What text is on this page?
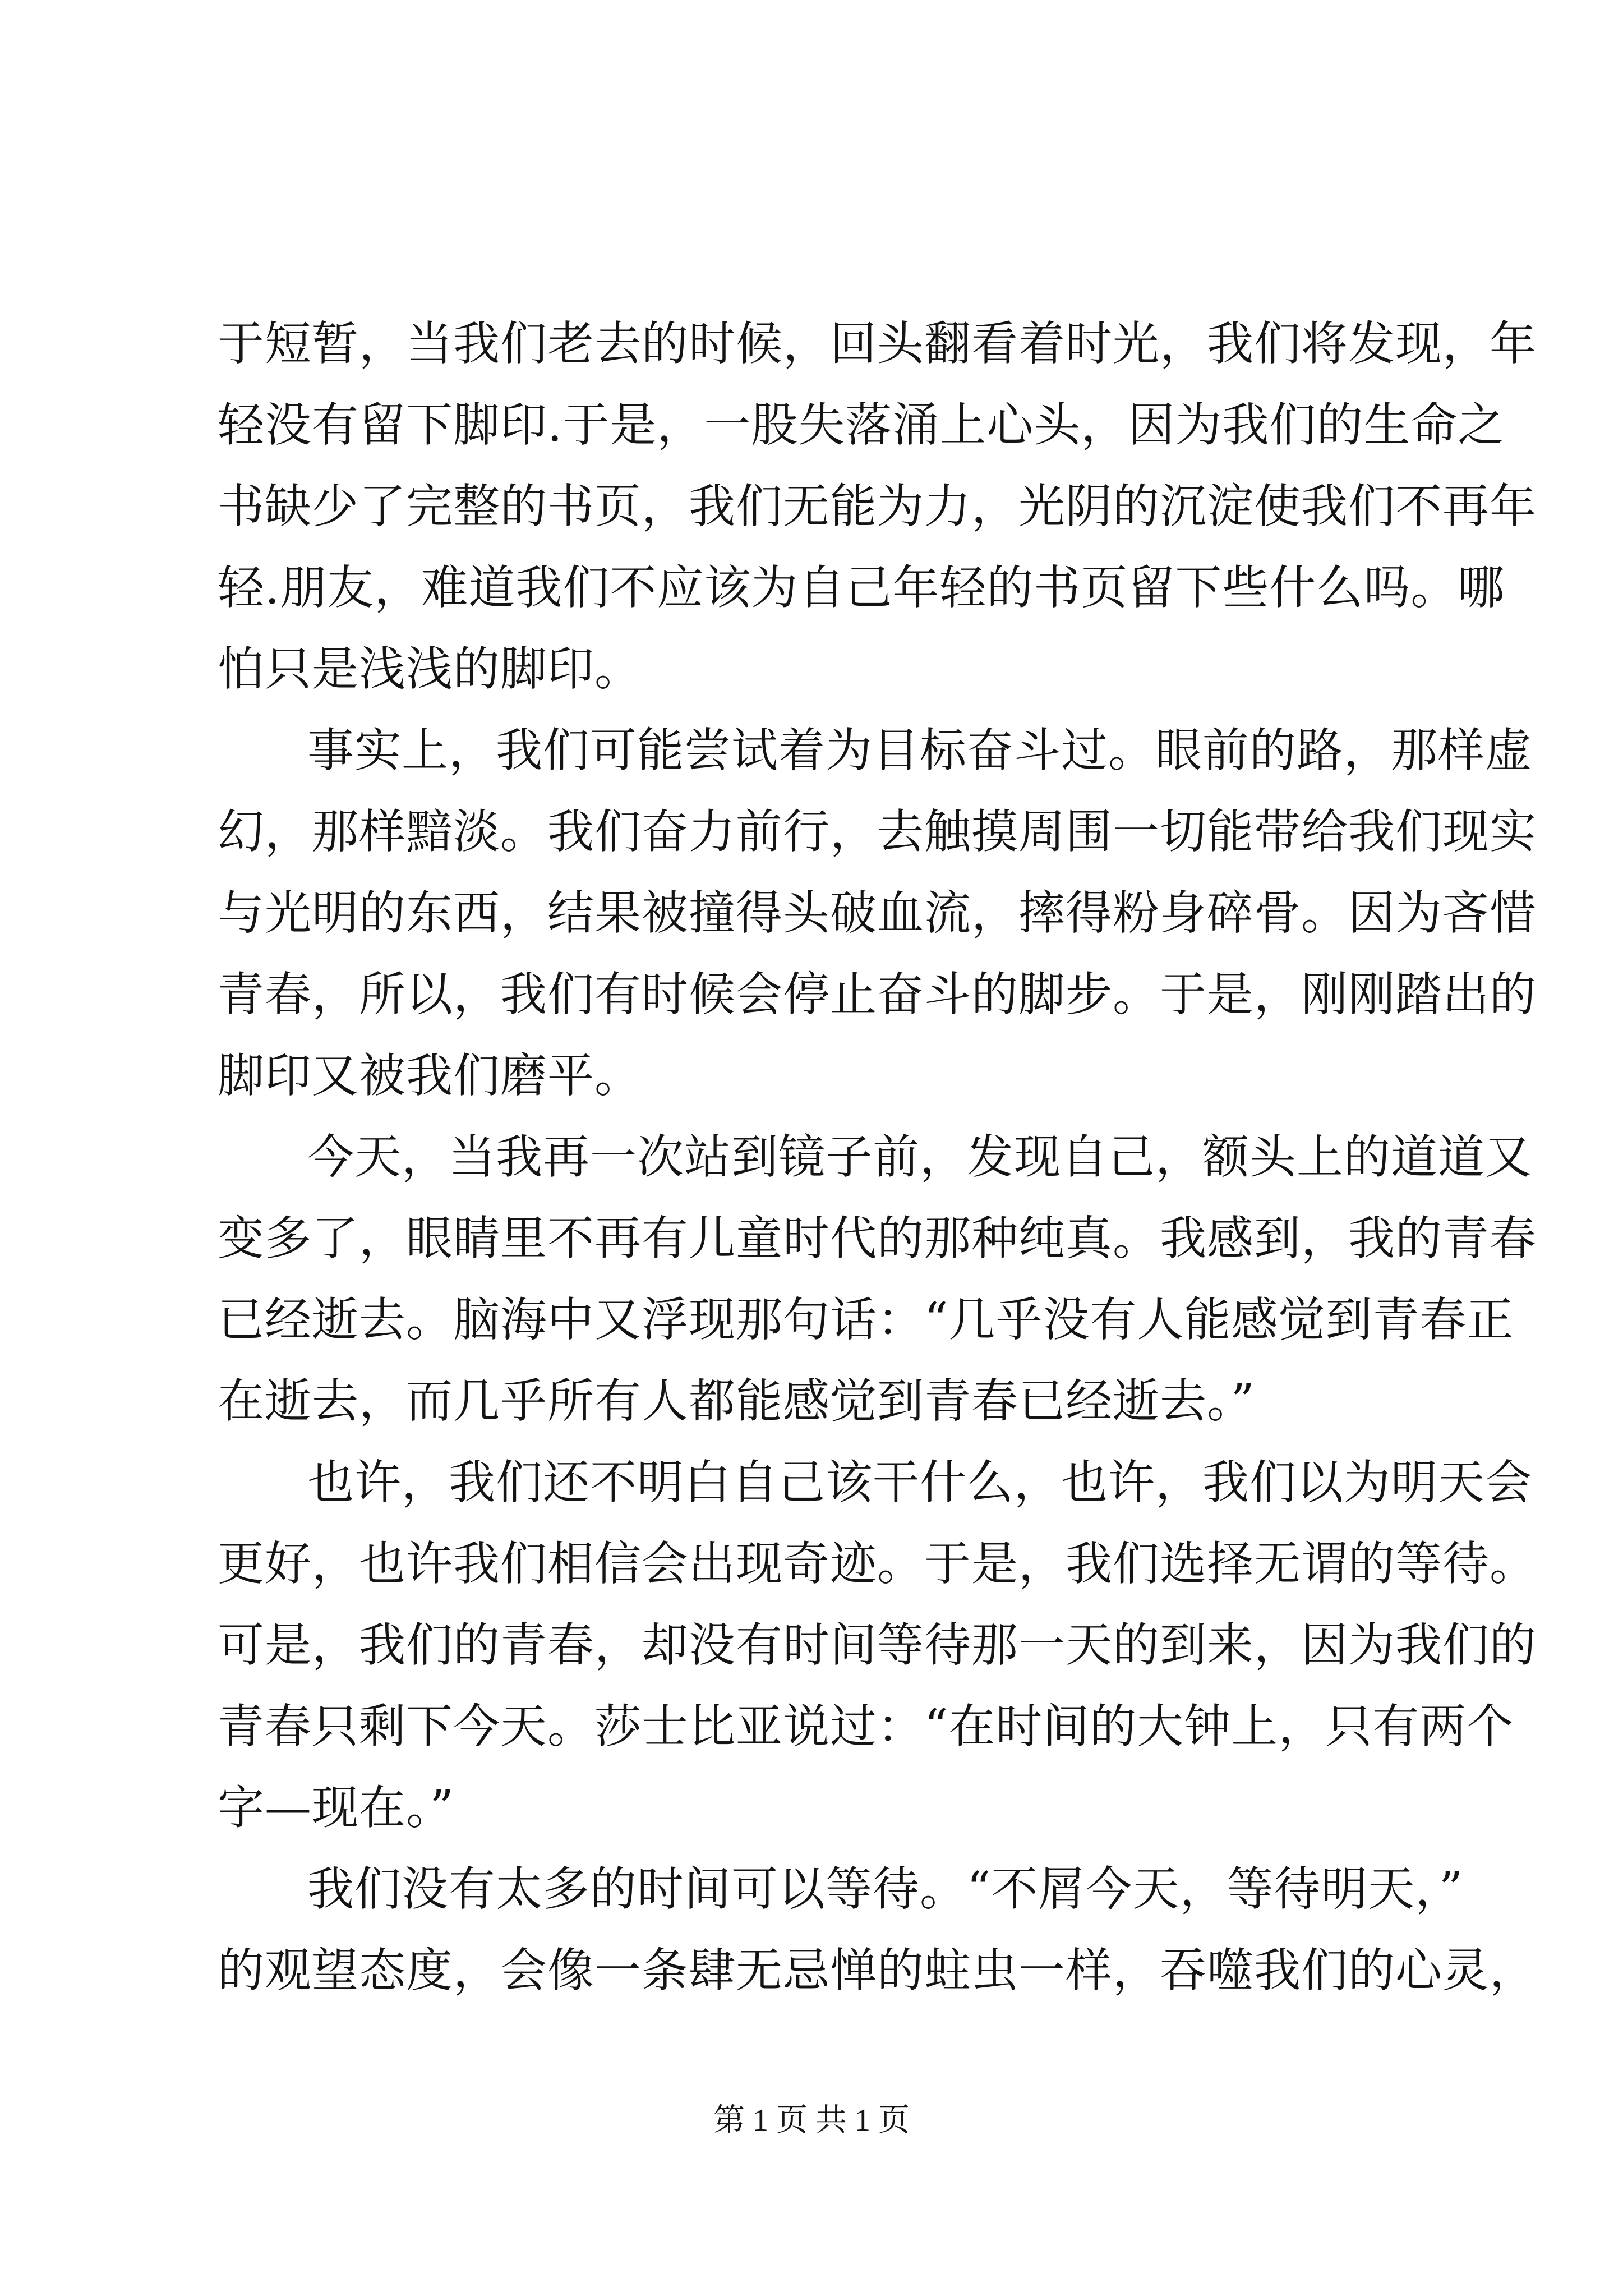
于短暂，当我们老去的时候，回头翻看着时光，我们将发现，年
轻没有留下脚印.于是，一股失落涌上心头，因为我们的生命之
书缺少了完整的书页，我们无能为力，光阴的沉淀使我们不再年
轻.朋友，难道我们不应该为自己年轻的书页留下些什么吗。哪
怕只是浅浅的脚印。
事实上，我们可能尝试着为目标奋斗过。眼前的路，那样虚
幻，那样黯淡。我们奋力前行，去触摸周围一切能带给我们现实
与光明的东西，结果被撞得头破血流，摔得粉身碎骨。因为吝惜
青春，所以，我们有时候会停止奋斗的脚步。于是，刚刚踏出的
脚印又被我们磨平。
今天，当我再一次站到镜子前，发现自己，额头上的道道又
变多了，眼睛里不再有儿童时代的那种纯真。我感到，我的青春
已经逝去。脑海中又浮现那句话：“几乎没有人能感觉到青春正
在逝去，而几乎所有人都能感觉到青春已经逝去。”
也许，我们还不明白自己该干什么，也许，我们以为明天会
更好，也许我们相信会出现奇迹。于是，我们选择无谓的等待。
可是，我们的青春，却没有时间等待那一天的到来，因为我们的
青春只剩下今天。莎士比亚说过：“在时间的大钟上，只有两个
字—现在。”
我们没有太多的时间可以等待。“不屑今天，等待明天，”
的观望态度，会像一条肆无忌惮的蛀虫一样，吞噬我们的心灵，
第 1 页 共 1 页
